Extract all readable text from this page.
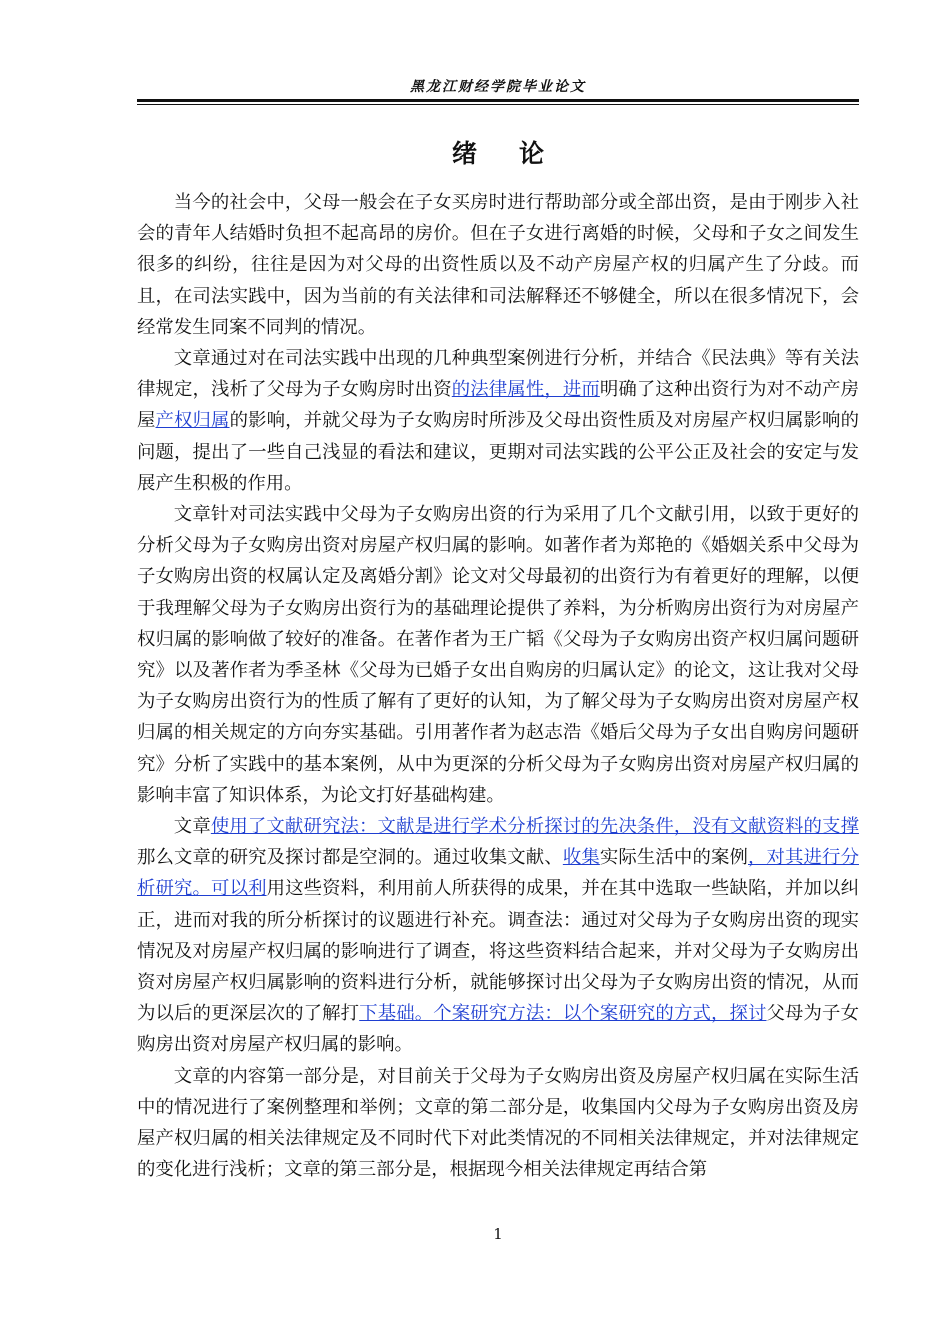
黑龙江财经学院毕业论文
绪 论

当今的社会中，父母一般会在子女买房时进行帮助部分或全部出资，是由于刚步入社会的青年人结婚时负担不起高昂的房价。但在子女进行离婚的时候，父母和子女之间发生很多的纠纷，往往是因为对父母的出资性质以及不动产房屋产权的归属产生了分歧。而且，在司法实践中，因为当前的有关法律和司法解释还不够健全，所以在很多情况下，会经常发生同案不同判的情况。

文章通过对在司法实践中出现的几种典型案例进行分析，并结合《民法典》等有关法律规定，浅析了父母为子女购房时出资的法律属性，进而明确了这种出资行为对不动产房屋产权归属的影响，并就父母为子女购房时所涉及父母出资性质及对房屋产权归属影响的问题，提出了一些自己浅显的看法和建议，更期对司法实践的公平公正及社会的安定与发展产生积极的作用。

文章针对司法实践中父母为子女购房出资的行为采用了几个文献引用，以致于更好的分析父母为子女购房出资对房屋产权归属的影响。如著作者为郑艳的《婚姻关系中父母为子女购房出资的权属认定及离婚分割》论文对父母最初的出资行为有着更好的理解，以便于我理解父母为子女购房出资行为的基础理论提供了养料，为分析购房出资行为对房屋产权归属的影响做了较好的准备。在著作者为王广韬《父母为子女购房出资产权归属问题研究》以及著作者为季圣林《父母为已婚子女出自购房的归属认定》的论文，这让我对父母为子女购房出资行为的性质了解有了更好的认知，为了解父母为子女购房出资对房屋产权归属的相关规定的方向夯实基础。引用著作者为赵志浩《婚后父母为子女出自购房问题研究》分析了实践中的基本案例，从中为更深的分析父母为子女购房出资对房屋产权归属的影响丰富了知识体系，为论文打好基础构建。

文章使用了文献研究法：文献是进行学术分析探讨的先决条件，没有文献资料的支撑那么文章的研究及探讨都是空洞的。通过收集文献、收集实际生活中的案例，对其进行分析研究。可以利用这些资料，利用前人所获得的成果，并在其中选取一些缺陷，并加以纠正，进而对我的所分析探讨的议题进行补充。调查法：通过对父母为子女购房出资的现实情况及对房屋产权归属的影响进行了调查，将这些资料结合起来，并对父母为子女购房出资对房屋产权归属影响的资料进行分析，就能够探讨出父母为子女购房出资的情况，从而为以后的更深层次的了解打下基础。个案研究方法：以个案研究的方式，探讨父母为子女购房出资对房屋产权归属的影响。

文章的内容第一部分是，对目前关于父母为子女购房出资及房屋产权归属在实际生活中的情况进行了案例整理和举例；文章的第二部分是，收集国内父母为子女购房出资及房屋产权归属的相关法律规定及不同时代下对此类情况的不同相关法律规定，并对法律规定的变化进行浅析；文章的第三部分是，根据现今相关法律规定再结合第

1
